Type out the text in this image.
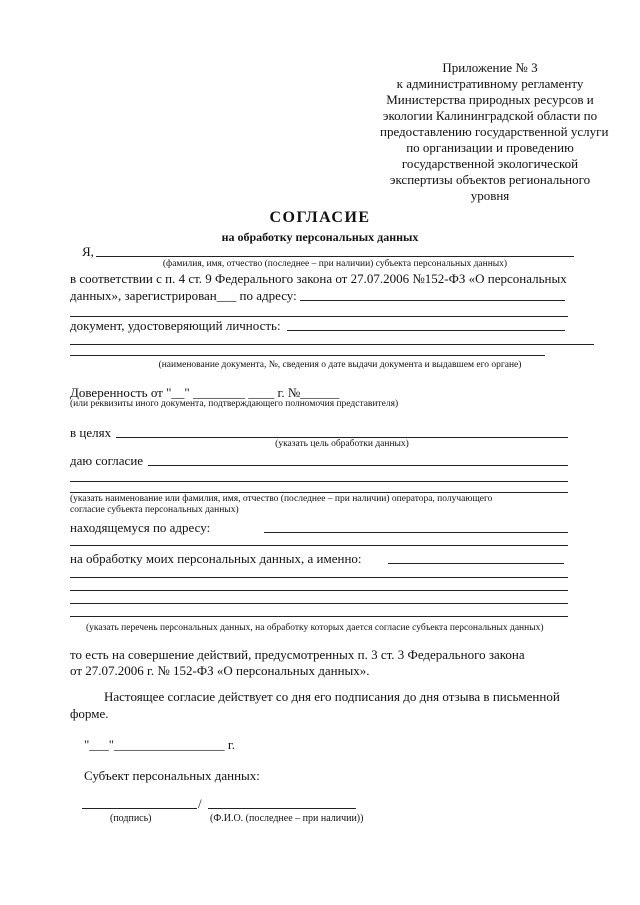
Приложение № 3
к административному регламенту
Министерства природных ресурсов и
экологии Калининградской области по
предоставлению государственной услуги
по организации и проведению
государственной экологической
экспертизы объектов регионального
уровня
СОГЛАСИЕ
на обработку персональных данных
Я,
(фамилия, имя, отчество (последнее – при наличии) субъекта персональных данных)
в соответствии с п. 4 ст. 9 Федерального закона от 27.07.2006 №152-ФЗ «О персональных
данных», зарегистрирован___ по адресу:
документ, удостоверяющий личность:
(наименование документа, №, сведения о дате выдачи документа и выдавшем его органе)
Доверенность от "__" ________ ____ г. №______
(или реквизиты иного документа, подтверждающего полномочия представителя)
в целях
(указать цель обработки данных)
даю согласие
(указать наименование или фамилия, имя, отчество (последнее – при наличии) оператора, получающего
согласие субъекта персональных данных)
находящемуся по адресу:
на обработку моих персональных данных, а именно:
(указать перечень персональных данных, на обработку которых дается согласие субъекта персональных данных)
то есть на совершение действий, предусмотренных п. 3 ст. 3 Федерального закона
от 27.07.2006 г. № 152-ФЗ «О персональных данных».
Настоящее согласие действует со дня его подписания до дня отзыва в письменной
форме.
"___"_________________ г.
Субъект персональных данных:
/
(подпись)	(Ф.И.О. (последнее – при наличии))
